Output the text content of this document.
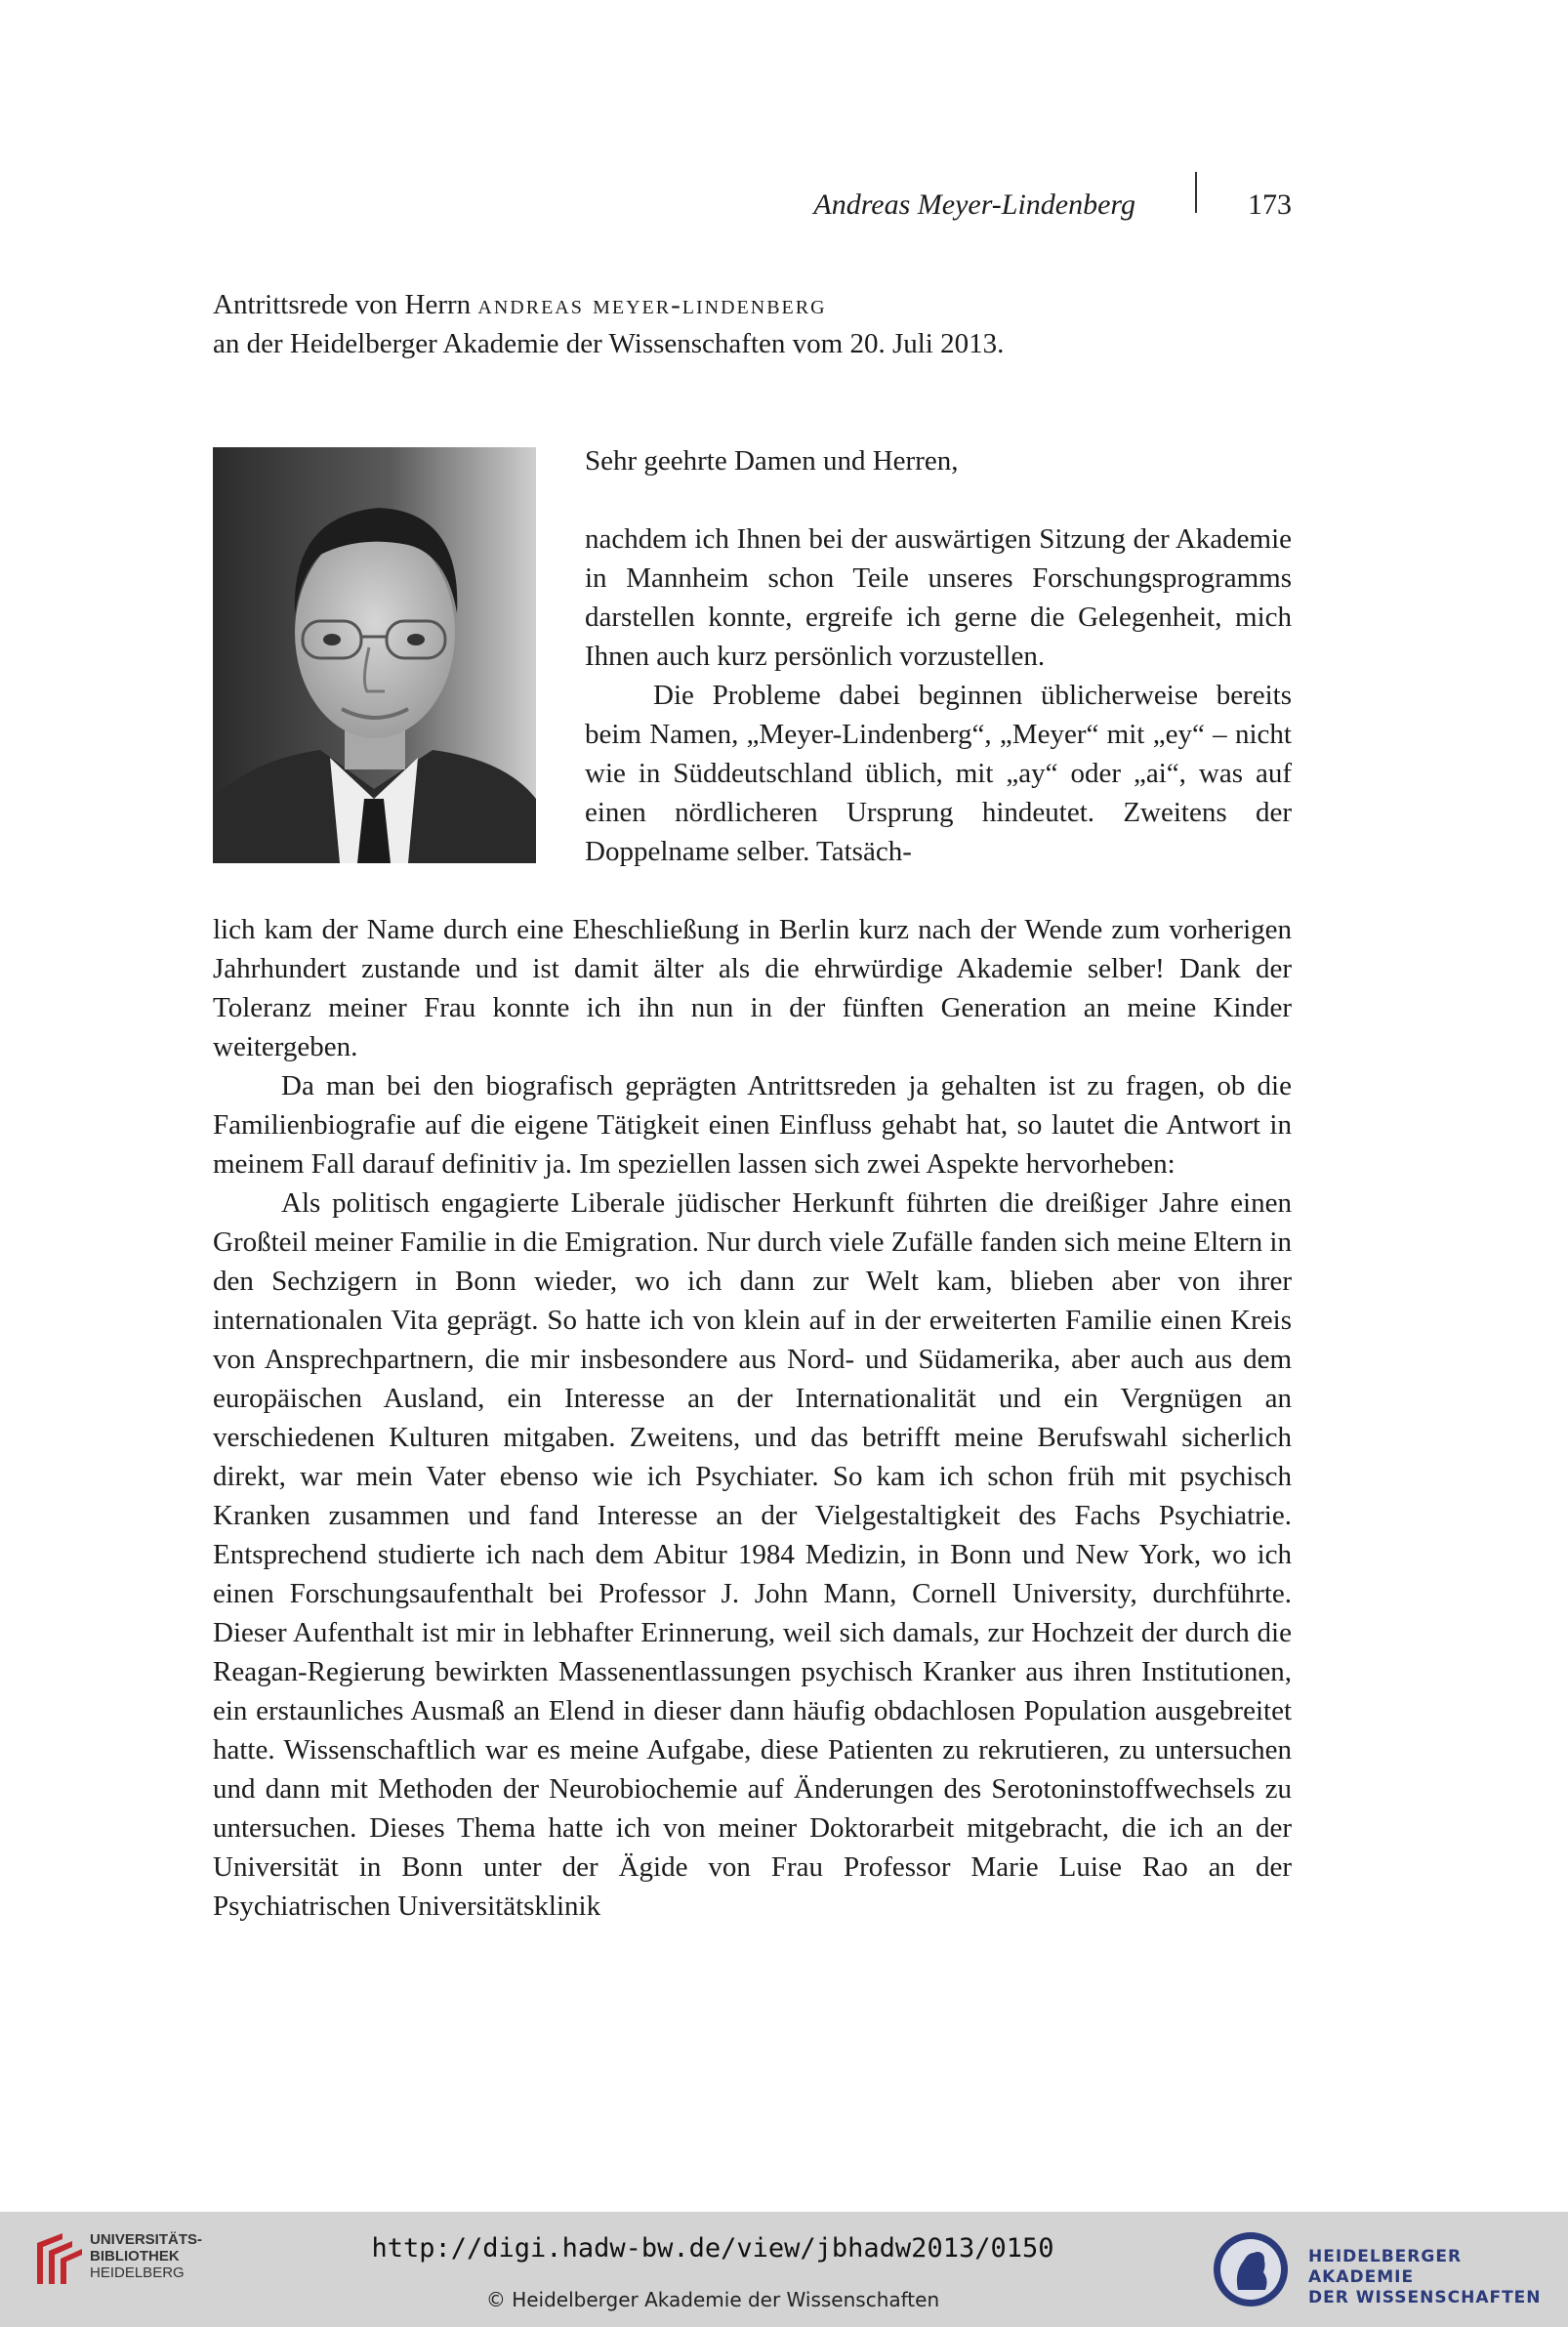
Andreas Meyer-Lindenberg	173
Antrittsrede von Herrn andreas meyer-lindenberg
an der Heidelberger Akademie der Wissenschaften vom 20. Juli 2013.
Sehr geehrte Damen und Herren,

nachdem ich Ihnen bei der auswärtigen Sitzung der Akademie in Mannheim schon Teile unseres Forschungsprogramms darstellen konnte, ergreife ich gerne die Gelegenheit, mich Ihnen auch kurz persönlich vorzustellen.

Die Probleme dabei beginnen üblicherweise bereits beim Namen, „Meyer-Lindenberg“, „Meyer“ mit „ey“ – nicht wie in Süddeutschland üblich, mit „ay“ oder „ai“, was auf einen nördlicheren Ursprung hindeutet. Zweitens der Doppelname selber. Tatsäch-

lich kam der Name durch eine Eheschließung in Berlin kurz nach der Wende zum vorherigen Jahrhundert zustande und ist damit älter als die ehrwürdige Akademie selber! Dank der Toleranz meiner Frau konnte ich ihn nun in der fünften Generation an meine Kinder weitergeben.

Da man bei den biografisch geprägten Antrittsreden ja gehalten ist zu fragen, ob die Familienbiografie auf die eigene Tätigkeit einen Einfluss gehabt hat, so lautet die Antwort in meinem Fall darauf definitiv ja. Im speziellen lassen sich zwei Aspekte hervorheben:

Als politisch engagierte Liberale jüdischer Herkunft führten die dreißiger Jahre einen Großteil meiner Familie in die Emigration. Nur durch viele Zufälle fanden sich meine Eltern in den Sechzigern in Bonn wieder, wo ich dann zur Welt kam, blieben aber von ihrer internationalen Vita geprägt. So hatte ich von klein auf in der erweiterten Familie einen Kreis von Ansprechpartnern, die mir insbesondere aus Nord- und Südamerika, aber auch aus dem europäischen Ausland, ein Interesse an der Internationalität und ein Vergnügen an verschiedenen Kulturen mitgaben. Zweitens, und das betrifft meine Berufswahl sicherlich direkt, war mein Vater ebenso wie ich Psychiater. So kam ich schon früh mit psychisch Kranken zusammen und fand Interesse an der Vielgestaltigkeit des Fachs Psychiatrie. Entsprechend studierte ich nach dem Abitur 1984 Medizin, in Bonn und New York, wo ich einen Forschungsaufenthalt bei Professor J. John Mann, Cornell University, durchführte. Dieser Aufenthalt ist mir in lebhafter Erinnerung, weil sich damals, zur Hochzeit der durch die Reagan-Regierung bewirkten Massenentlassungen psychisch Kranker aus ihren Institutionen, ein erstaunliches Ausmaß an Elend in dieser dann häufig obdachlosen Population ausgebreitet hatte. Wissenschaftlich war es meine Aufgabe, diese Patienten zu rekrutieren, zu untersuchen und dann mit Methoden der Neurobiochemie auf Änderungen des Serotoninstoffwechsels zu untersuchen. Dieses Thema hatte ich von meiner Doktorarbeit mitgebracht, die ich an der Universität in Bonn unter der Ägide von Frau Professor Marie Luise Rao an der Psychiatrischen Universitätsklinik

UNIVERSITÄTS-
BIBLIOTHEK
HEIDELBERG
http://digi.hadw-bw.de/view/jbhadw2013/0150
© Heidelberger Akademie der Wissenschaften
HEIDELBERGER AKADEMIE
DER WISSENSCHAFTEN
